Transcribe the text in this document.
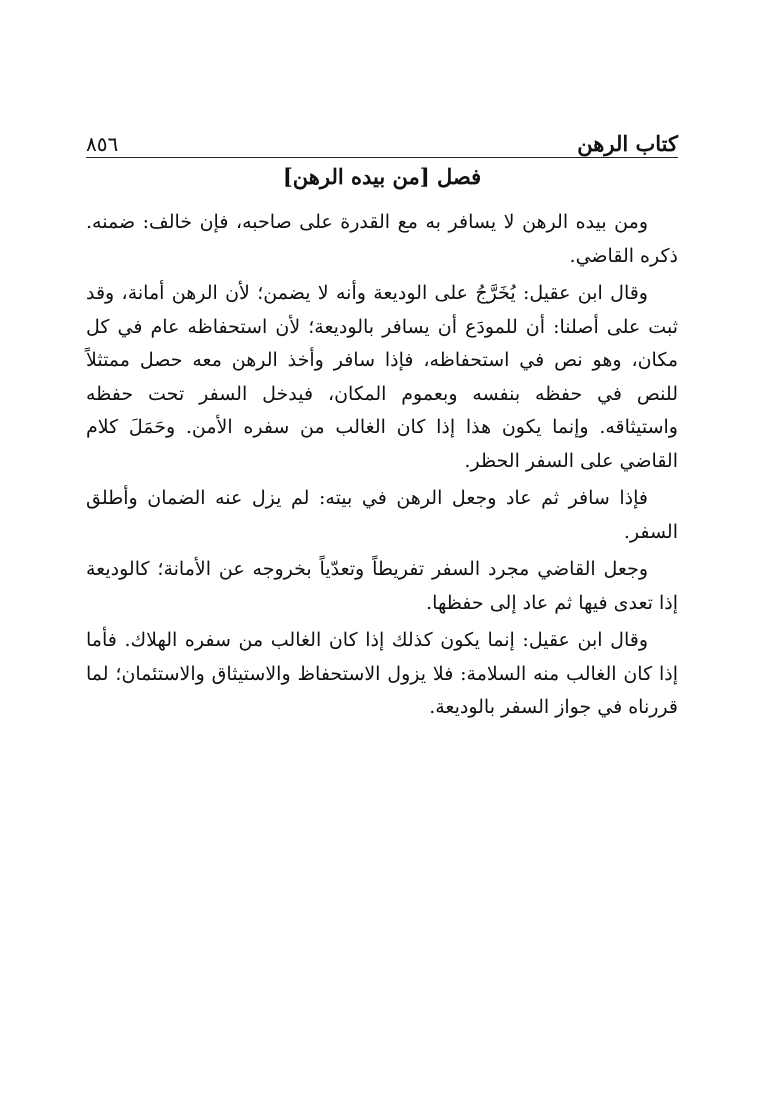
٨٥٦	كتاب الرهن
فصل [من بيده الرهن]

ومن بيده الرهن لا يسافر به مع القدرة على صاحبه، فإن خالف: ضمنه. ذكره القاضي.

وقال ابن عقيل: يُخَرَّجُ على الوديعة وأنه لا يضمن؛ لأن الرهن أمانة، وقد ثبت على أصلنا: أن للمودَع أن يسافر بالوديعة؛ لأن استحفاظه عام في كل مكان، وهو نص في استحفاظه، فإذا سافر وأخذ الرهن معه حصل ممتثلاً للنص في حفظه بنفسه وبعموم المكان، فيدخل السفر تحت حفظه واستيثاقه. وإنما يكون هذا إذا كان الغالب من سفره الأمن. وحَمَلَ كلام القاضي على السفر الحظر.

فإذا سافر ثم عاد وجعل الرهن في بيته: لم يزل عنه الضمان وأطلق السفر.

وجعل القاضي مجرد السفر تفريطاً وتعدّياً بخروجه عن الأمانة؛ كالوديعة إذا تعدى فيها ثم عاد إلى حفظها.

وقال ابن عقيل: إنما يكون كذلك إذا كان الغالب من سفره الهلاك. فأما إذا كان الغالب منه السلامة: فلا يزول الاستحفاظ والاستيثاق والاستئمان؛ لما قررناه في جواز السفر بالوديعة.
